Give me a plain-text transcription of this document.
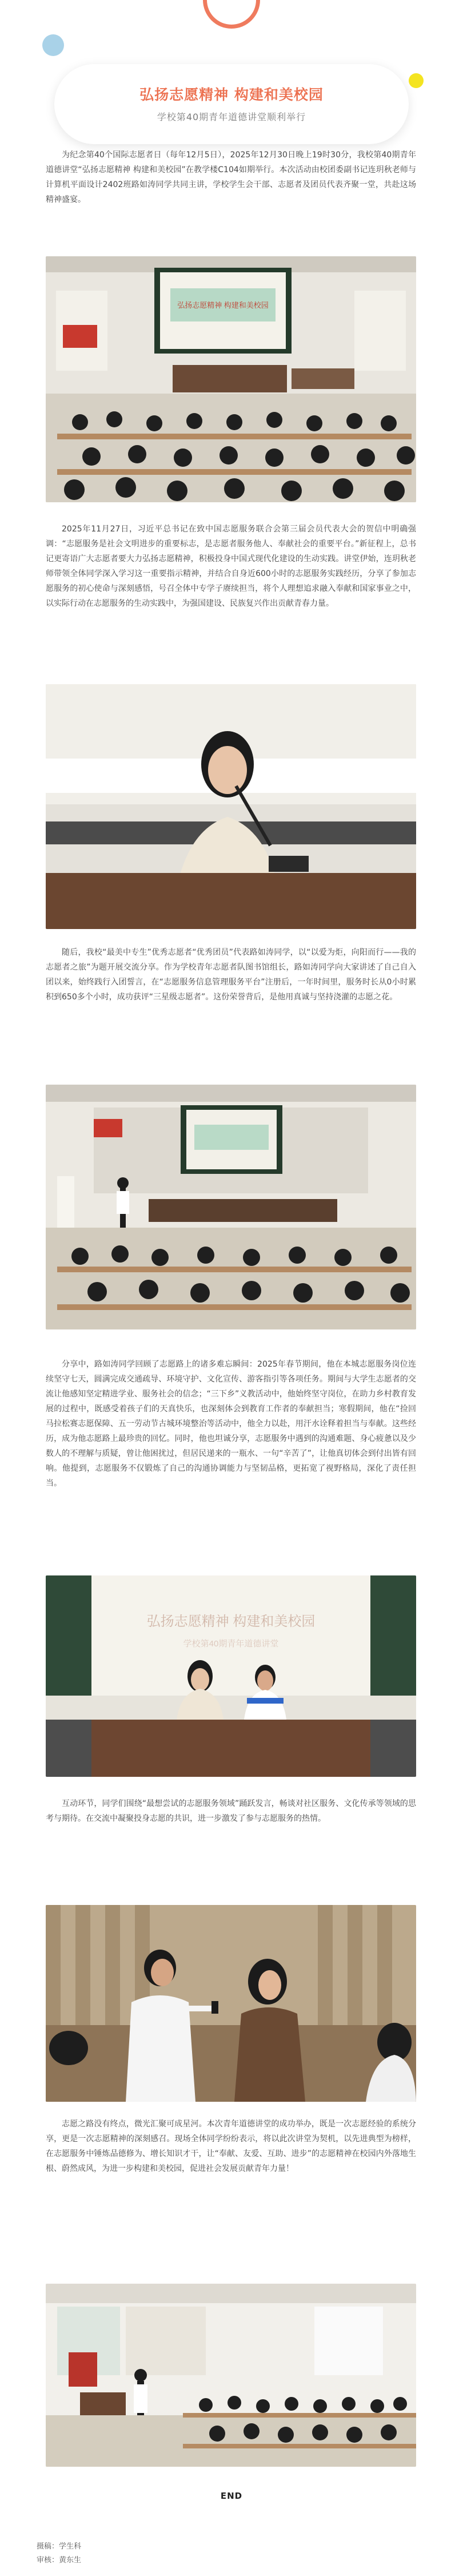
弘扬志愿精神 构建和美校园
学校第40期青年道德讲堂顺利举行

为纪念第40个国际志愿者日（每年12月5日），2025年12月30日晚上19时30分，我校第40期青年道德讲堂“弘扬志愿精神 构建和美校园”在教学楼C104如期举行。本次活动由校团委副书记连玥秋老师与计算机平面设计2402班路如涛同学共同主讲，学校学生会干部、志愿者及团员代表齐聚一堂，共赴这场精神盛宴。

弘扬志愿精神 构建和美校园

2025年11月27日，习近平总书记在致中国志愿服务联合会第三届会员代表大会的贺信中明确强调：“志愿服务是社会文明进步的重要标志，是志愿者服务他人、奉献社会的重要平台。”新征程上，总书记更寄语广大志愿者要大力弘扬志愿精神，积极投身中国式现代化建设的生动实践。讲堂伊始，连玥秋老师带领全体同学深入学习这一重要指示精神，并结合自身近600小时的志愿服务实践经历，分享了参加志愿服务的初心使命与深刻感悟，号召全体中专学子赓续担当，将个人理想追求融入奉献和国家事业之中，以实际行动在志愿服务的生动实践中，为强国建设、民族复兴作出贡献青春力量。

随后，我校“最美中专生”优秀志愿者“优秀团员”代表路如涛同学，以“以爱为炬，向阳而行——我的志愿者之旅”为题开展交流分享。作为学校青年志愿者队图书馆组长，路如涛同学向大家讲述了自己自入团以来，始终践行入团誓言，在“志愿服务信息管理服务平台”注册后，一年时间里，服务时长从0小时累积到650多个小时，成功获评“三星级志愿者”。这份荣誉背后，是他用真诚与坚持浇灌的志愿之花。

分享中，路如涛同学回顾了志愿路上的诸多难忘瞬间：2025年春节期间，他在本城志愿服务岗位连续坚守七天，圆满完成交通疏导、环境守护、文化宣传、游客指引等各项任务。期间与大学生志愿者的交流让他感知坚定精进学业、服务社会的信念；“三下乡”义教活动中，他始终坚守岗位，在助力乡村教育发展的过程中，既感受着孩子们的天真快乐，也深刻体会到教育工作者的奉献担当；寒假期间，他在“捡回马拉松赛志愿保障、五一劳动节古城环境整治等活动中，他全力以赴，用汗水诠释着担当与奉献。这些经历，成为他志愿路上最珍贵的回忆。同时，他也坦诚分享，志愿服务中遇到的沟通难题、身心疲惫以及少数人的不理解与质疑，曾让他困扰过，但居民递来的一瓶水、一句“辛苦了”，让他真切体会到付出皆有回响。他提到，志愿服务不仅锻炼了自己的沟通协调能力与坚韧品格，更拓宽了视野格局，深化了责任担当。

弘扬志愿精神 构建和美校园
学校第40期青年道德讲堂

互动环节，同学们围绕“最想尝试的志愿服务领域”踊跃发言，畅谈对社区服务、文化传承等领域的思考与期待。在交流中凝聚投身志愿的共识，进一步激发了参与志愿服务的热情。

志愿之路没有终点，微光汇聚可成星河。本次青年道德讲堂的成功举办，既是一次志愿经验的系统分享，更是一次志愿精神的深刻感召。现场全体同学纷纷表示，将以此次讲堂为契机，以先进典型为榜样，在志愿服务中锤炼品德修为、增长知识才干，让“奉献、友爱、互助、进步”的志愿精神在校园内外落地生根、蔚然成风，为进一步构建和美校园，促进社会发展贡献青年力量！

END
摄稿：学生科
审核：黄东生
